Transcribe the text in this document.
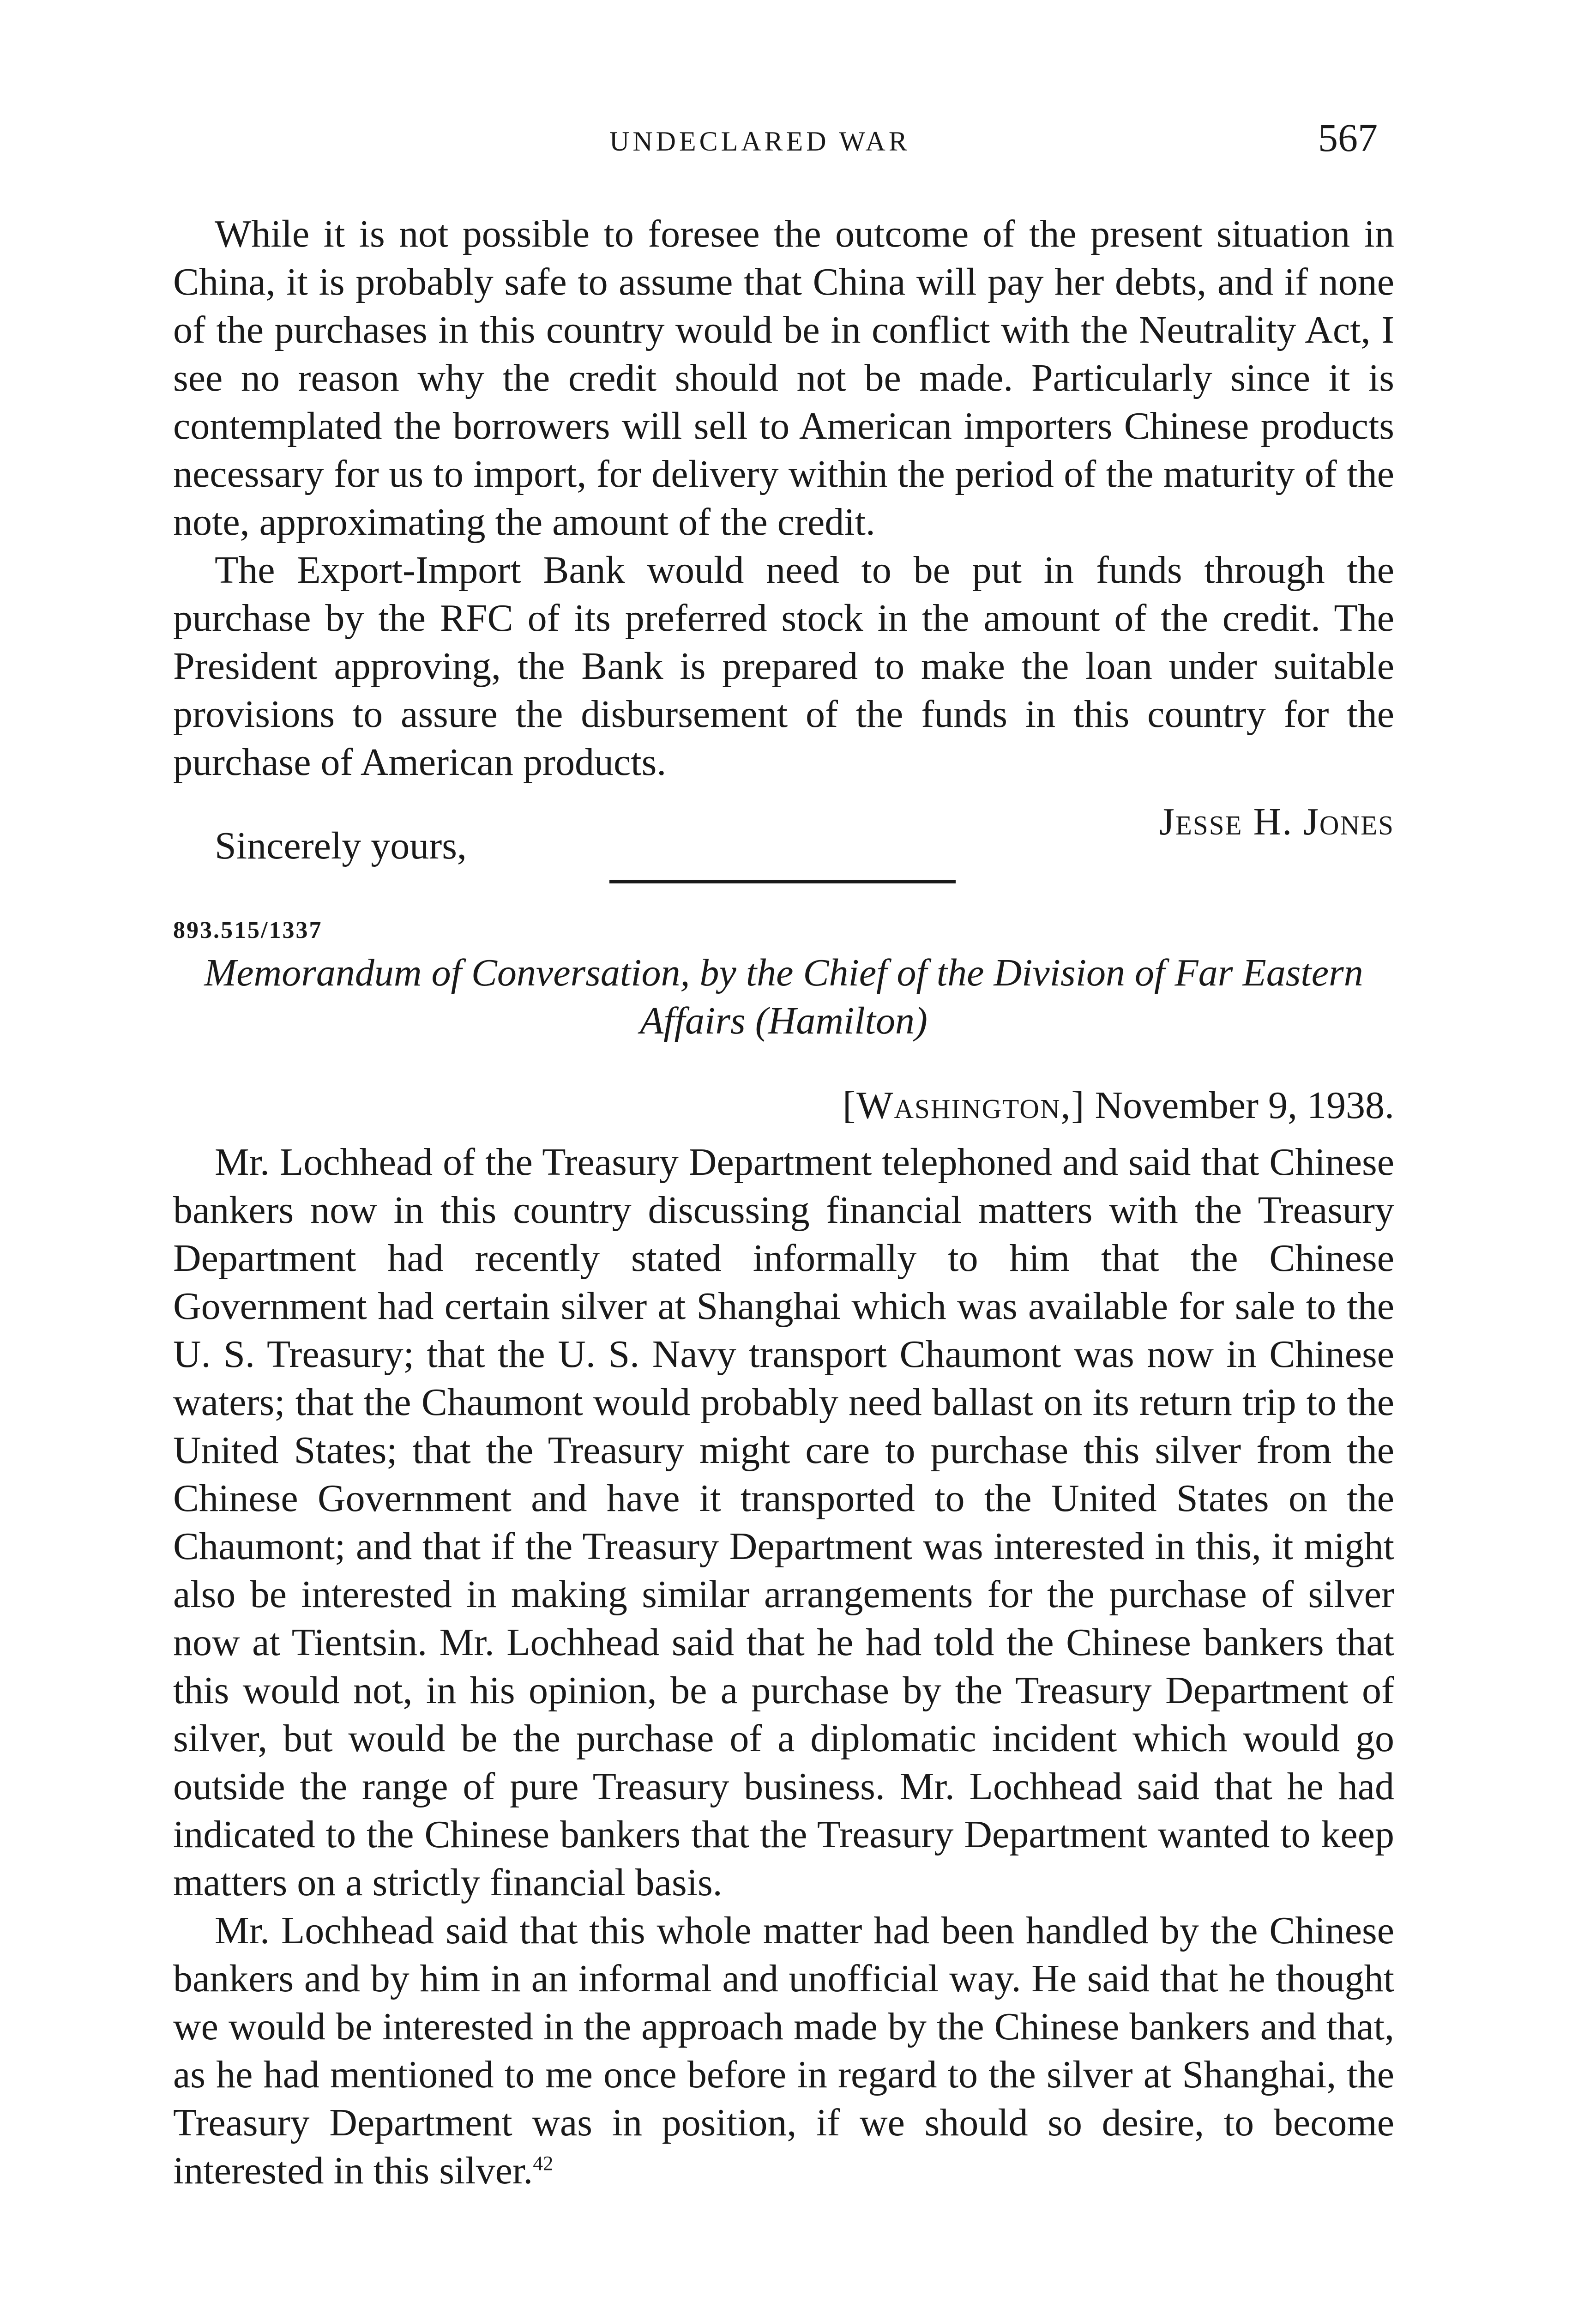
UNDECLARED WAR	567

While it is not possible to foresee the outcome of the present situation in China, it is probably safe to assume that China will pay her debts, and if none of the purchases in this country would be in conflict with the Neutrality Act, I see no reason why the credit should not be made. Particularly since it is contemplated the borrowers will sell to American importers Chinese products necessary for us to import, for delivery within the period of the maturity of the note, approximating the amount of the credit.

The Export-Import Bank would need to be put in funds through the purchase by the RFC of its preferred stock in the amount of the credit. The President approving, the Bank is prepared to make the loan under suitable provisions to assure the disbursement of the funds in this country for the purchase of American products.

Sincerely yours,
Jesse H. Jones
893.515/1337
Memorandum of Conversation, by the Chief of the Division of Far Eastern Affairs (Hamilton)
[Washington,] November 9, 1938.

Mr. Lochhead of the Treasury Department telephoned and said that Chinese bankers now in this country discussing financial matters with the Treasury Department had recently stated informally to him that the Chinese Government had certain silver at Shanghai which was available for sale to the U. S. Treasury; that the U. S. Navy transport Chaumont was now in Chinese waters; that the Chaumont would probably need ballast on its return trip to the United States; that the Treasury might care to purchase this silver from the Chinese Government and have it transported to the United States on the Chaumont; and that if the Treasury Department was interested in this, it might also be interested in making similar arrangements for the purchase of silver now at Tientsin. Mr. Lochhead said that he had told the Chinese bankers that this would not, in his opinion, be a purchase by the Treasury Department of silver, but would be the purchase of a diplomatic incident which would go outside the range of pure Treasury business. Mr. Lochhead said that he had indicated to the Chinese bankers that the Treasury Department wanted to keep matters on a strictly financial basis.

Mr. Lochhead said that this whole matter had been handled by the Chinese bankers and by him in an informal and unofficial way. He said that he thought we would be interested in the approach made by the Chinese bankers and that, as he had mentioned to me once before in regard to the silver at Shanghai, the Treasury Department was in position, if we should so desire, to become interested in this silver.$^{42}$
